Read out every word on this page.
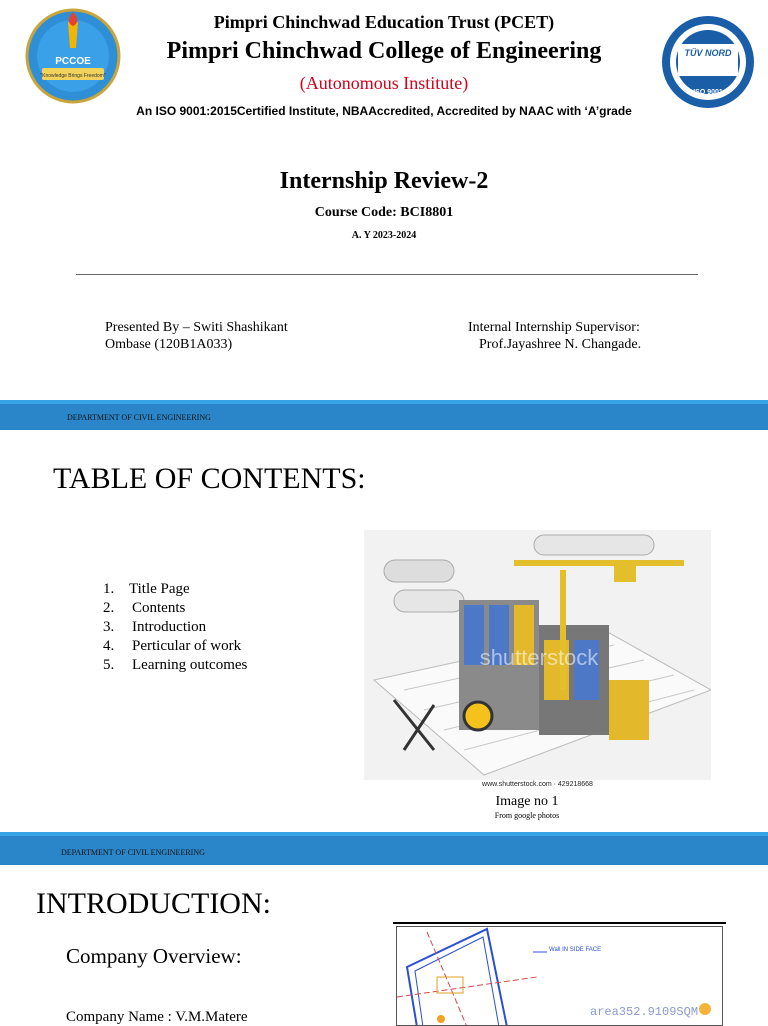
PCCOE
"Knowledge Brings Freedom"
TÜV NORD
ISO 9001
Pimpri Chinchwad Education Trust (PCET)
Pimpri Chinchwad College of Engineering
(Autonomous Institute)
An ISO 9001:2015Certified Institute, NBAAccredited, Accredited by NAAC with ‘A’grade
Internship Review-2
Course Code: BCI8801
A. Y 2023-2024
Presented By – Switi Shashikant
Ombase (120B1A033)
Internal Internship Supervisor:
Prof.Jayashree N. Changade.
DEPARTMENT OF CIVIL ENGINEERING
TABLE OF CONTENTS:
1. Title Page
2.	Contents
3.	Introduction
4.	Perticular of work
5.	Learning outcomes	shutterstock
www.shutterstock.com · 429218668
Image no 1
From google photos
DEPARTMENT OF CIVIL ENGINEERING
INTRODUCTION:
Company Overview:
Company Name : V.M.Matere
Wall IN SIDE FACE
area352.9109SQM
